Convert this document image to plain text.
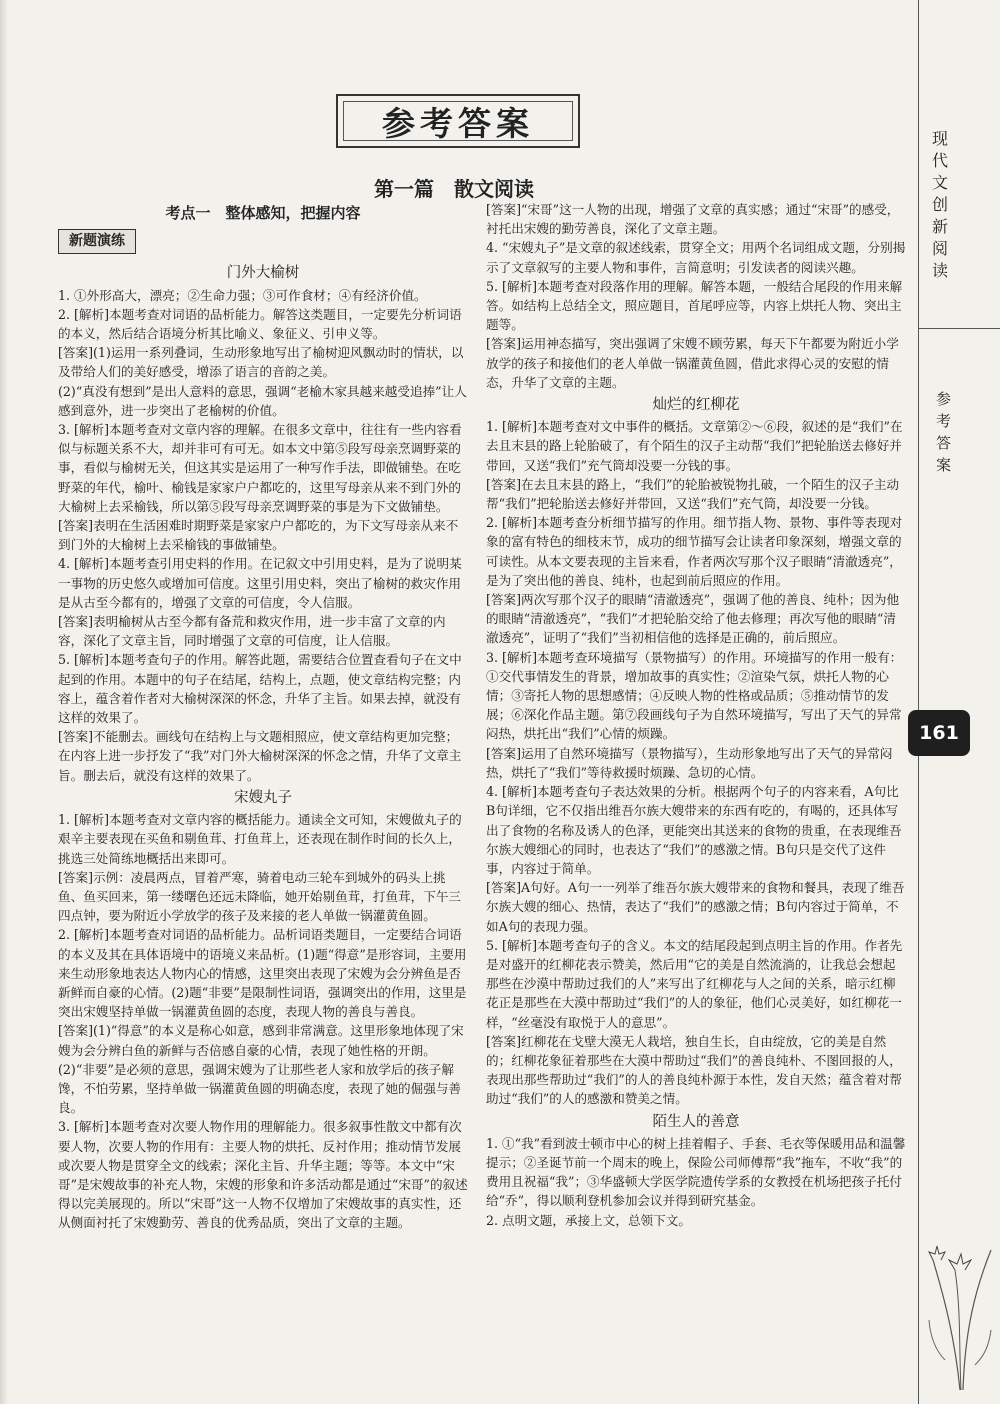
参考答案
第一篇　散文阅读
考点一　整体感知，把握内容
新题演练
门外大榆树

1. ①外形高大，漂亮；②生命力强；③可作食材；④有经济价值。

2. [解析]本题考查对词语的品析能力。解答这类题目，一定要先分析词语的本义，然后结合语境分析其比喻义、象征义、引申义等。

[答案](1)运用一系列叠词，生动形象地写出了榆树迎风飘动时的情状，以及带给人们的美好感受，增添了语言的音韵之美。

(2)“真没有想到”是出人意料的意思，强调“老榆木家具越来越受追捧”让人感到意外，进一步突出了老榆树的价值。

3. [解析]本题考查对文章内容的理解。在很多文章中，往往有一些内容看似与标题关系不大，却并非可有可无。如本文中第⑤段写母亲烹调野菜的事，看似与榆树无关，但这其实是运用了一种写作手法，即做铺垫。在吃野菜的年代，榆叶、榆钱是家家户户都吃的，这里写母亲从来不到门外的大榆树上去采榆钱，所以第⑤段写母亲烹调野菜的事是为下文做铺垫。

[答案]表明在生活困难时期野菜是家家户户都吃的，为下文写母亲从来不到门外的大榆树上去采榆钱的事做铺垫。

4. [解析]本题考查引用史料的作用。在记叙文中引用史料，是为了说明某一事物的历史悠久或增加可信度。这里引用史料，突出了榆树的救灾作用是从古至今都有的，增强了文章的可信度，令人信服。

[答案]表明榆树从古至今都有备荒和救灾作用，进一步丰富了文章的内容，深化了文章主旨，同时增强了文章的可信度，让人信服。

5. [解析]本题考查句子的作用。解答此题，需要结合位置查看句子在文中起到的作用。本题中的句子在结尾，结构上，点题，使文章结构完整；内容上，蕴含着作者对大榆树深深的怀念，升华了主旨。如果去掉，就没有这样的效果了。

[答案]不能删去。画线句在结构上与文题相照应，使文章结构更加完整；在内容上进一步抒发了“我”对门外大榆树深深的怀念之情，升华了文章主旨。删去后，就没有这样的效果了。

宋嫂丸子

1. [解析]本题考查对文章内容的概括能力。通读全文可知，宋嫂做丸子的艰辛主要表现在买鱼和剔鱼茸、打鱼茸上，还表现在制作时间的长久上，挑选三处简练地概括出来即可。

[答案]示例：凌晨两点，冒着严寒，骑着电动三轮车到城外的码头上挑鱼、鱼买回来，第一缕曙色还远未降临，她开始剔鱼茸，打鱼茸，下午三四点钟，要为附近小学放学的孩子及来接的老人单做一锅灌黄鱼圆。

2. [解析]本题考查对词语的品析能力。品析词语类题目，一定要结合词语的本义及其在具体语境中的语境义来品析。(1)题“得意”是形容词，主要用来生动形象地表达人物内心的情感，这里突出表现了宋嫂为会分辨鱼是否新鲜而自豪的心情。(2)题“非要”是限制性词语，强调突出的作用，这里是突出宋嫂坚持单做一锅灌黄鱼圆的态度，表现人物的善良与善良。

[答案](1)“得意”的本义是称心如意，感到非常满意。这里形象地体现了宋嫂为会分辨白鱼的新鲜与否倍感自豪的心情，表现了她性格的开朗。

(2)“非要”是必须的意思，强调宋嫂为了让那些老人家和放学后的孩子解馋，不怕劳累，坚持单做一锅灌黄鱼圆的明确态度，表现了她的倔强与善良。

3. [解析]本题考查对次要人物作用的理解能力。很多叙事性散文中都有次要人物，次要人物的作用有：主要人物的烘托、反衬作用；推动情节发展或次要人物是贯穿全文的线索；深化主旨、升华主题；等等。本文中“宋哥”是宋嫂故事的补充人物，宋嫂的形象和许多活动都是通过“宋哥”的叙述得以完美展现的。所以“宋哥”这一人物不仅增加了宋嫂故事的真实性，还从侧面衬托了宋嫂勤劳、善良的优秀品质，突出了文章的主题。

[答案]“宋哥”这一人物的出现，增强了文章的真实感；通过“宋哥”的感受，衬托出宋嫂的勤劳善良，深化了文章主题。

4. “宋嫂丸子”是文章的叙述线索，贯穿全文；用两个名词组成文题，分别揭示了文章叙写的主要人物和事件，言简意明；引发读者的阅读兴趣。

5. [解析]本题考查对段落作用的理解。解答本题，一般结合尾段的作用来解答。如结构上总结全文，照应题目，首尾呼应等，内容上烘托人物、突出主题等。

[答案]运用神态描写，突出强调了宋嫂不顾劳累，每天下午都要为附近小学放学的孩子和接他们的老人单做一锅灌黄鱼圆，借此求得心灵的安慰的情态，升华了文章的主题。

灿烂的红柳花

1. [解析]本题考查对文中事件的概括。文章第②～⑥段，叙述的是“我们”在去且末县的路上轮胎破了，有个陌生的汉子主动帮“我们”把轮胎送去修好并带回，又送“我们”充气筒却没要一分钱的事。

[答案]在去且末县的路上，“我们”的轮胎被锐物扎破，一个陌生的汉子主动帮“我们”把轮胎送去修好并带回，又送“我们”充气筒，却没要一分钱。

2. [解析]本题考查分析细节描写的作用。细节指人物、景物、事件等表现对象的富有特色的细枝末节，成功的细节描写会让读者印象深刻，增强文章的可读性。从本文要表现的主旨来看，作者两次写那个汉子眼睛“清澈透亮”，是为了突出他的善良、纯朴，也起到前后照应的作用。

[答案]两次写那个汉子的眼睛“清澈透亮”，强调了他的善良、纯朴；因为他的眼睛“清澈透亮”，“我们”才把轮胎交给了他去修理；再次写他的眼睛“清澈透亮”，证明了“我们”当初相信他的选择是正确的，前后照应。

3. [解析]本题考查环境描写（景物描写）的作用。环境描写的作用一般有：①交代事情发生的背景，增加故事的真实性；②渲染气氛，烘托人物的心情；③寄托人物的思想感情；④反映人物的性格或品质；⑤推动情节的发展；⑥深化作品主题。第⑦段画线句子为自然环境描写，写出了天气的异常闷热，烘托出“我们”心情的烦躁。

[答案]运用了自然环境描写（景物描写），生动形象地写出了天气的异常闷热，烘托了“我们”等待救援时烦躁、急切的心情。

4. [解析]本题考查句子表达效果的分析。根据两个句子的内容来看，A句比B句详细，它不仅指出维吾尔族大嫂带来的东西有吃的，有喝的，还具体写出了食物的名称及诱人的色泽，更能突出其送来的食物的贵重，在表现维吾尔族大嫂细心的同时，也表达了“我们”的感激之情。B句只是交代了这件事，内容过于简单。

[答案]A句好。A句一一列举了维吾尔族大嫂带来的食物和餐具，表现了维吾尔族大嫂的细心、热情，表达了“我们”的感激之情；B句内容过于简单，不如A句的表现力强。

5. [解析]本题考查句子的含义。本文的结尾段起到点明主旨的作用。作者先是对盛开的红柳花表示赞美，然后用“它的美是自然流淌的，让我总会想起那些在沙漠中帮助过我们的人”来写出了红柳花与人之间的关系，暗示红柳花正是那些在大漠中帮助过“我们”的人的象征，他们心灵美好，如红柳花一样，“丝毫没有取悦于人的意思”。

[答案]红柳花在戈壁大漠无人栽培，独自生长，自由绽放，它的美是自然的；红柳花象征着那些在大漠中帮助过“我们”的善良纯朴、不图回报的人，表现出那些帮助过“我们”的人的善良纯朴源于本性，发自天然；蕴含着对帮助过“我们”的人的感激和赞美之情。

陌生人的善意

1. ①“我”看到波士顿市中心的树上挂着帽子、手套、毛衣等保暖用品和温馨提示；②圣诞节前一个周末的晚上，保险公司师傅帮“我”拖车，不收“我”的费用且祝福“我”；③华盛顿大学医学院遗传学系的女教授在机场把孩子托付给“乔”，得以顺利登机参加会议并得到研究基金。

2. 点明文题，承接上文，总领下文。

现代文创新阅读
参考答案
161
